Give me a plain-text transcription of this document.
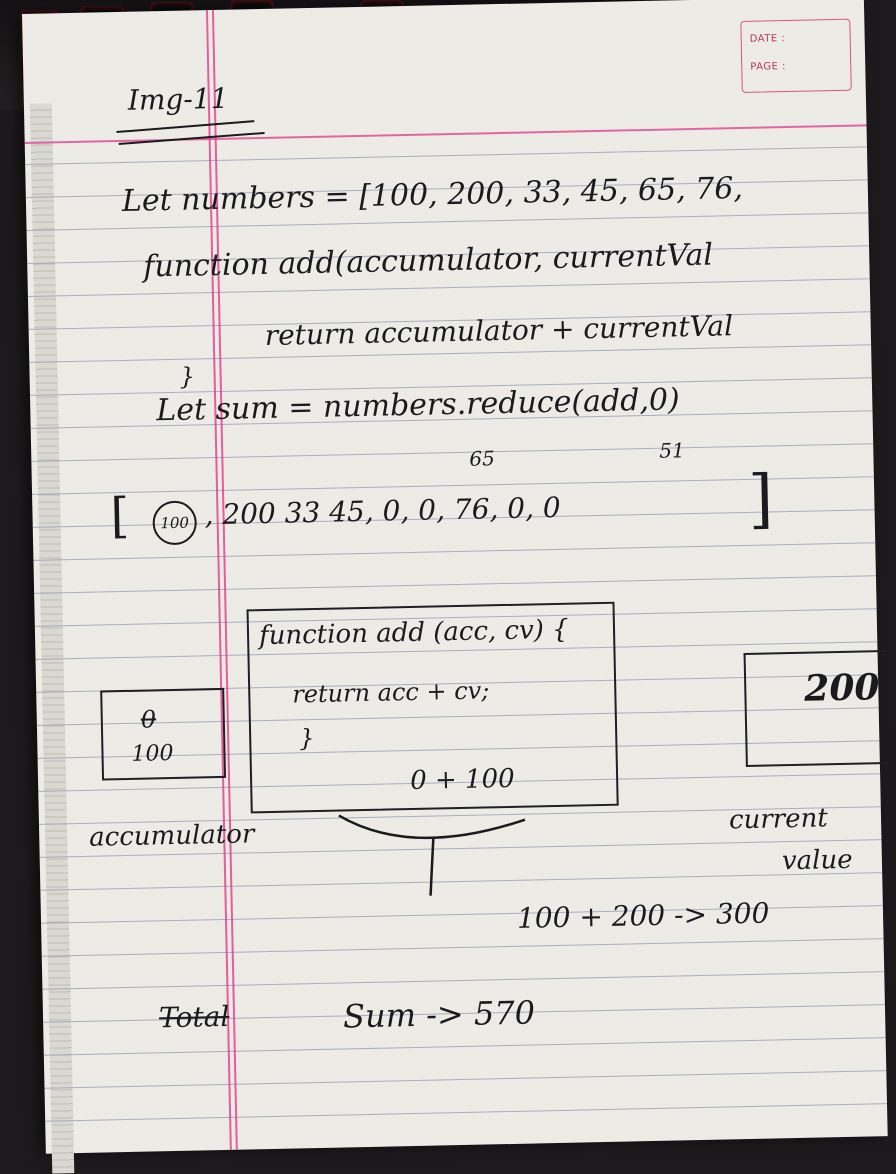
DATE :
PAGE :
Img-11
Let numbers = [100, 200, 33, 45, 65, 76,
function add(accumulator, currentVal
return accumulator + currentVal
}
Let sum = numbers.reduce(add,0)
65	51
[	100 , 200 33 45, 0, 0, 76, 0, 0	]
function add (acc, cv) {
return acc + cv;
}
0 + 100
0
100
accumulator
200
current
value
100 + 200 -> 300
Total	Sum -> 570
